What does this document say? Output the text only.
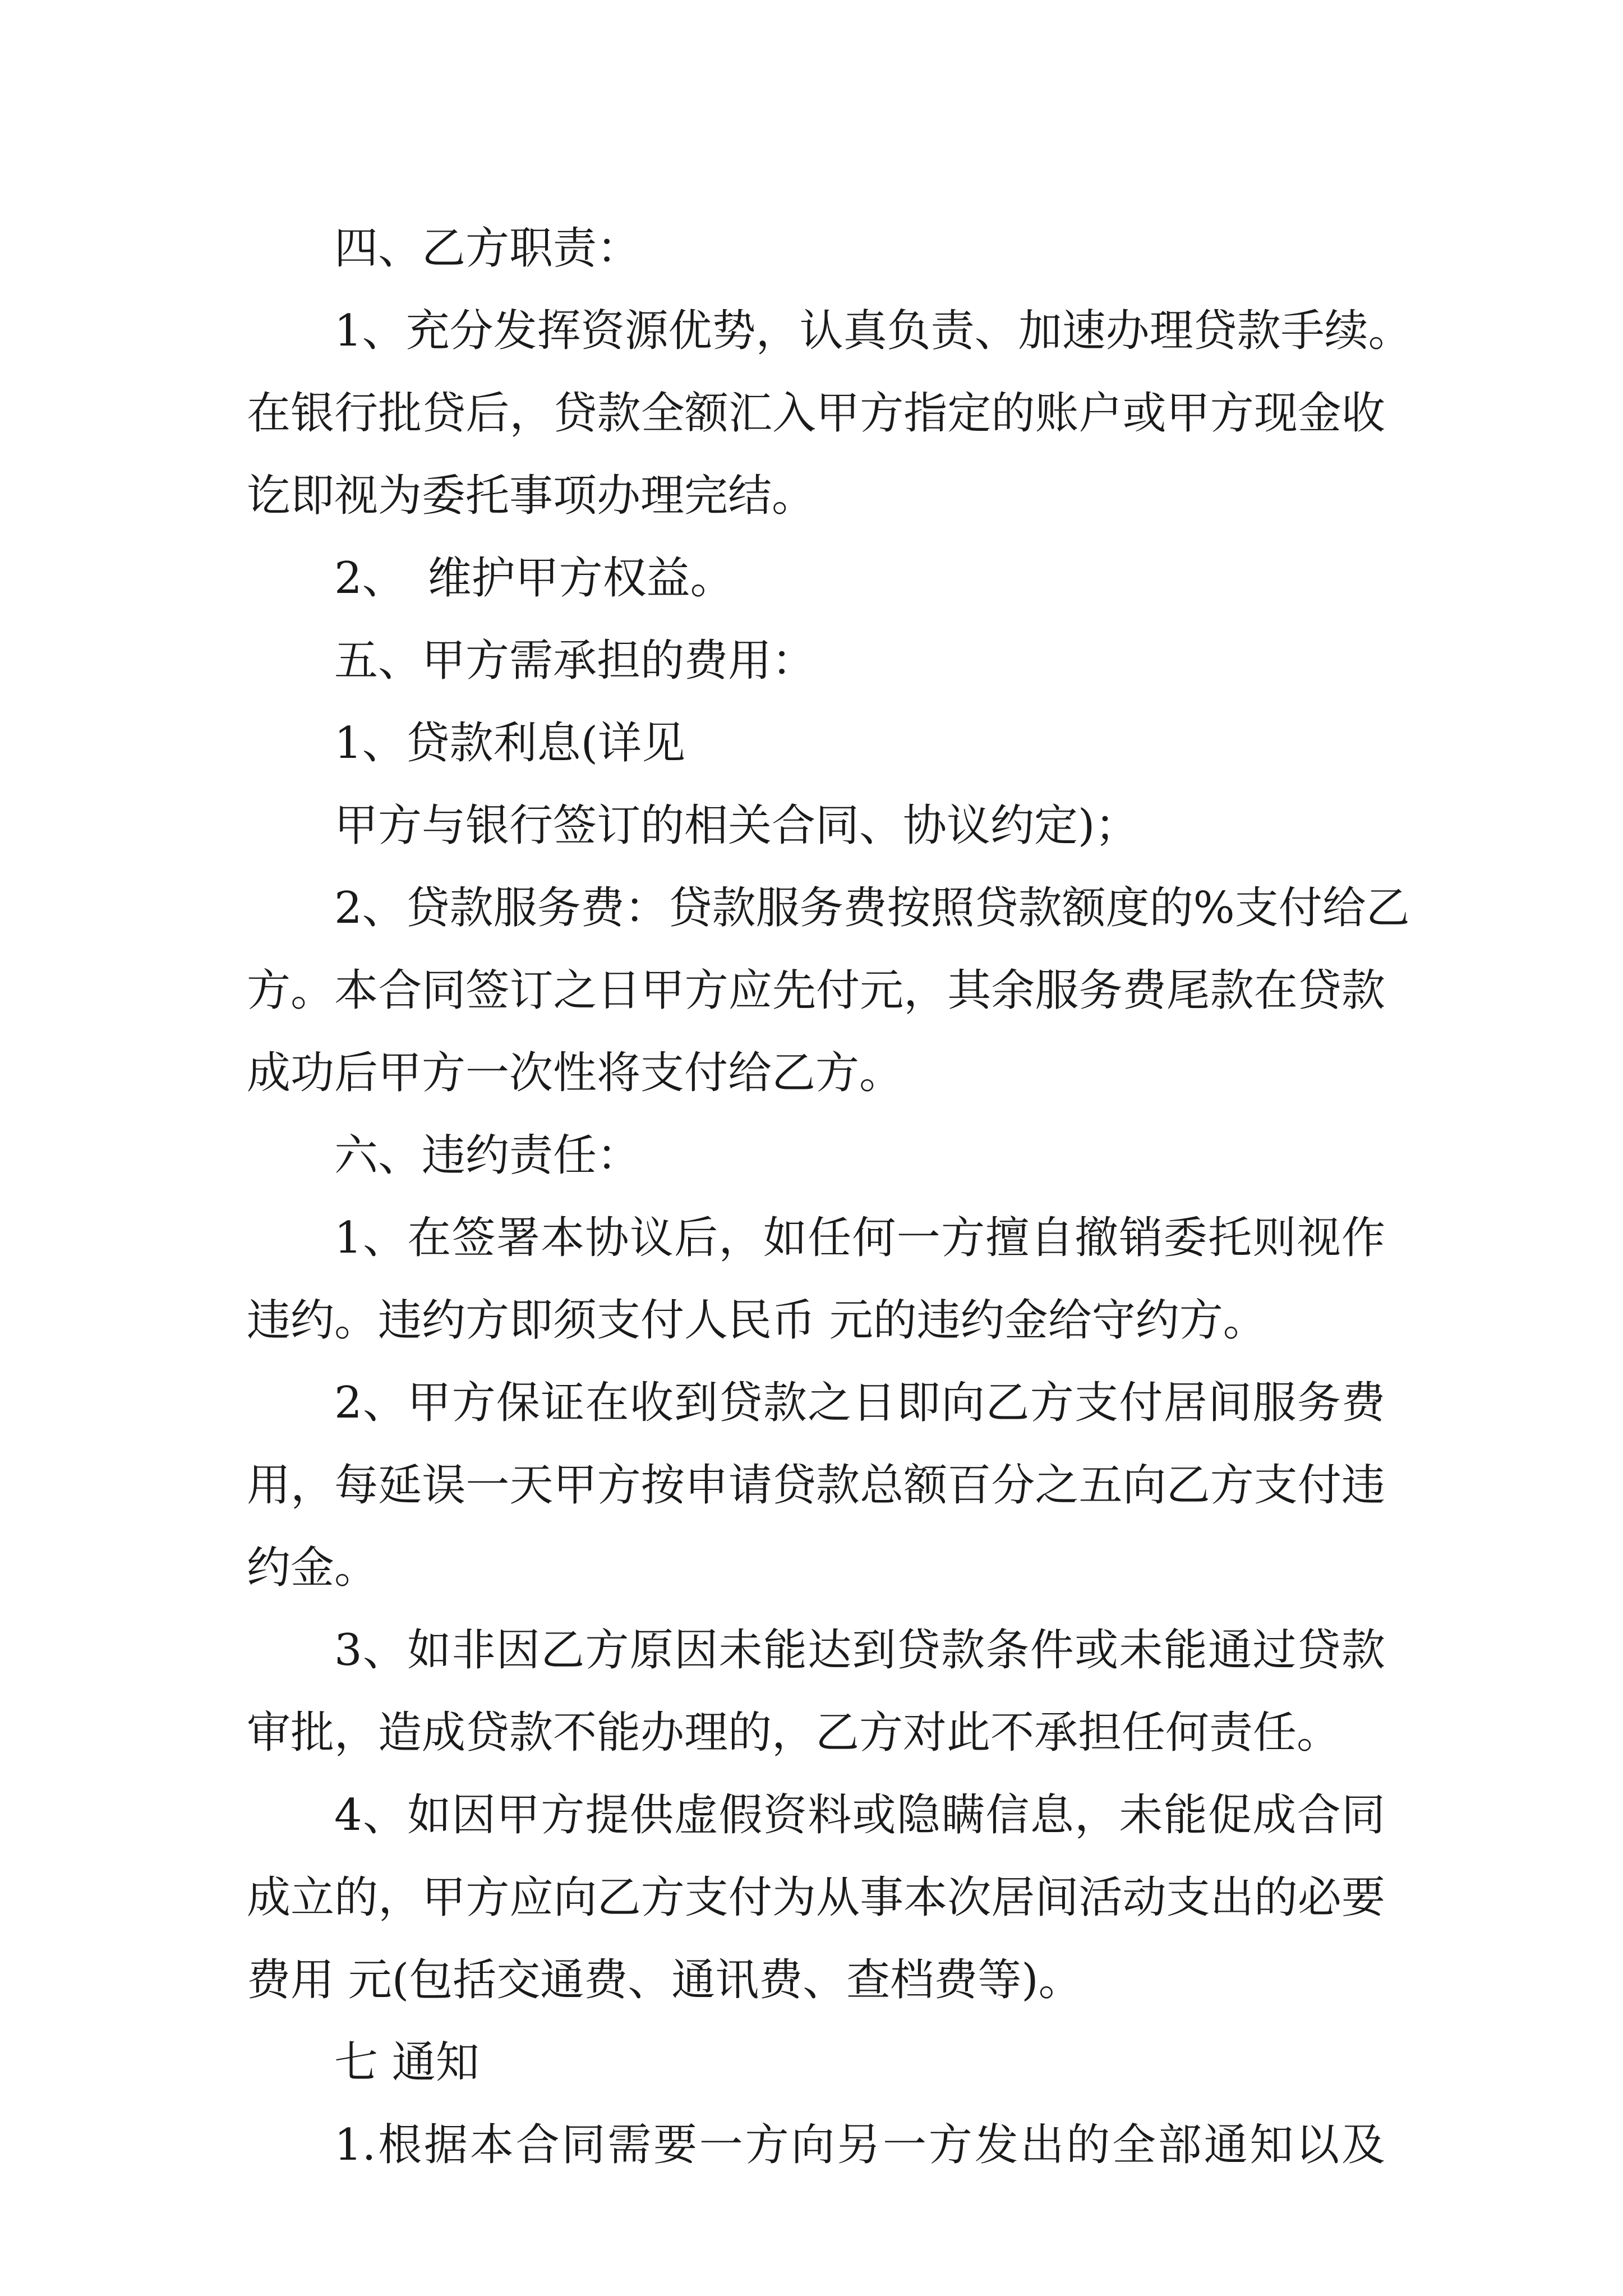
四、乙方职责：
1、充分发挥资源优势，认真负责、加速办理贷款手续。
在银行批贷后，贷款全额汇入甲方指定的账户或甲方现金收
讫即视为委托事项办理完结。
2、　维护甲方权益。
五、甲方需承担的费用：
1、贷款利息(详见
甲方与银行签订的相关合同、协议约定)；
2、贷款服务费：贷款服务费按照贷款额度的%支付给乙
方。本合同签订之日甲方应先付元，其余服务费尾款在贷款
成功后甲方一次性将支付给乙方。
六、违约责任：
1、在签署本协议后，如任何一方擅自撤销委托则视作
违约。违约方即须支付人民币 元的违约金给守约方。
2、甲方保证在收到贷款之日即向乙方支付居间服务费
用，每延误一天甲方按申请贷款总额百分之五向乙方支付违
约金。
3、如非因乙方原因未能达到贷款条件或未能通过贷款
审批，造成贷款不能办理的，乙方对此不承担任何责任。
4、如因甲方提供虚假资料或隐瞒信息，未能促成合同
成立的，甲方应向乙方支付为从事本次居间活动支出的必要
费用 元(包括交通费、通讯费、查档费等)。
七 通知
1.根据本合同需要一方向另一方发出的全部通知以及
